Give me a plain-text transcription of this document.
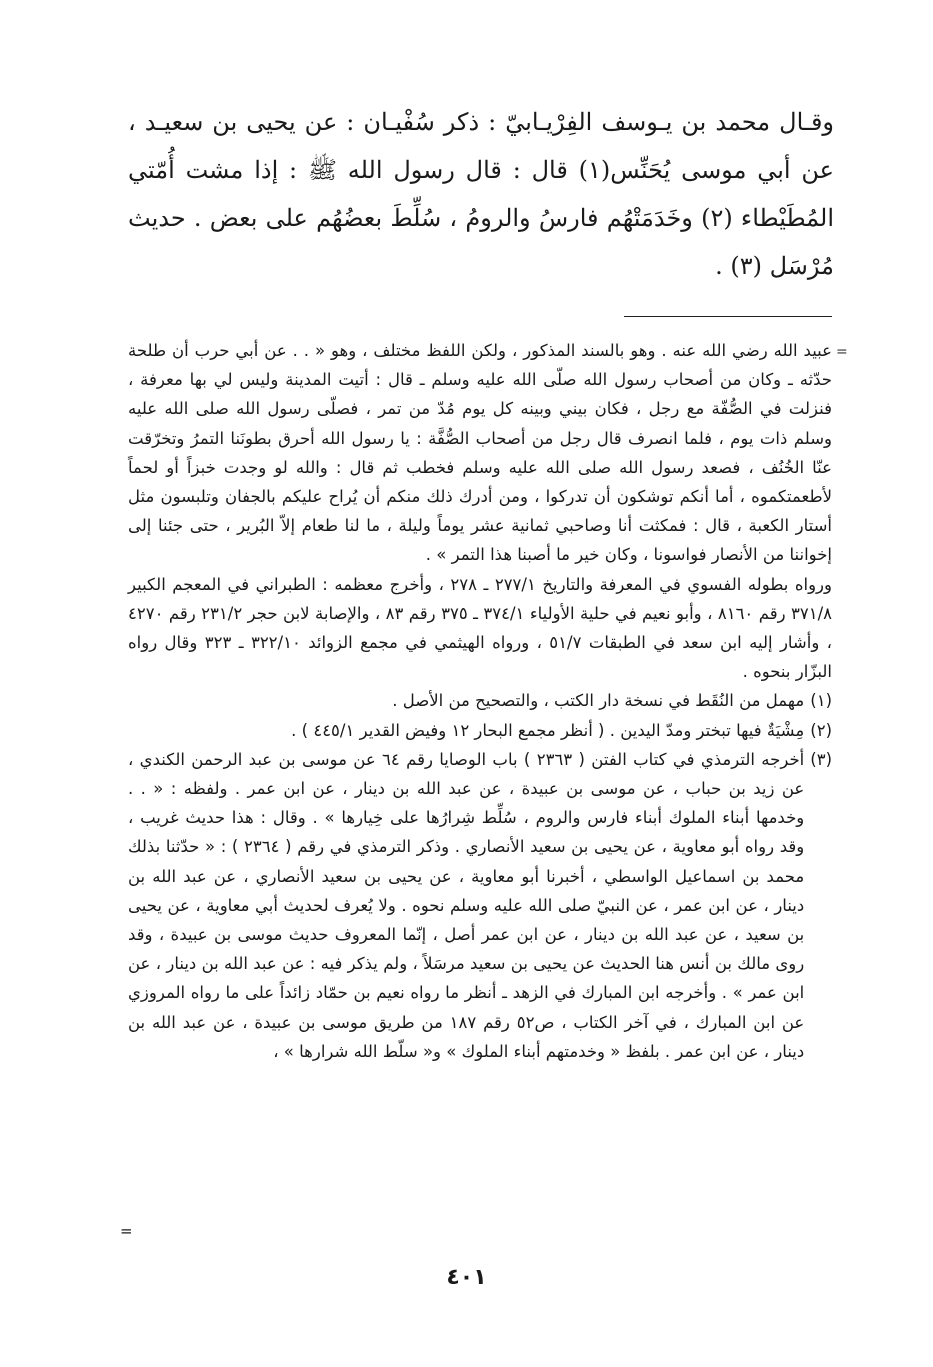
وقـال محمد بن يـوسف الفِرْيـابيّ : ذكر سُفْيـان : عن يحيى بن سعيـد ، عن أبي موسى يُحَنِّس(١) قال : قال رسول الله ﷺ : إذا مشت أُمّتي المُطَيْطاء (٢) وخَدَمَتْهُم فارسُ والرومُ ، سُلِّطَ بعضُهُم على بعض . حديث مُرْسَل (٣) .

=

عبيد الله رضي الله عنه . وهو بالسند المذكور ، ولكن اللفظ مختلف ، وهو « . . عن أبي حرب أن طلحة حدّثه ـ وكان من أصحاب رسول الله صلّى الله عليه وسلم ـ قال : أتيت المدينة وليس لي بها معرفة ، فنزلت في الصُّفّة مع رجل ، فكان بيني وبينه كل يوم مُدّ من تمر ، فصلّى رسول الله صلى الله عليه وسلم ذات يوم ، فلما انصرف قال رجل من أصحاب الصُّفَّة : يا رسول الله أحرق بطونَنا التمرُ وتخرّقت عنّا الخُنُف ، فصعد رسول الله صلى الله عليه وسلم فخطب ثم قال : والله لو وجدت خبزاً أو لحماً لأطعمتكموه ، أما أنكم توشكون أن تدركوا ، ومن أدرك ذلك منكم أن يُراح عليكم بالجفان وتلبسون مثل أستار الكعبة ، قال : فمكثت أنا وصاحبي ثمانية عشر يوماً وليلة ، ما لنا طعام إلاّ البُرير ، حتى جئنا إلى إخواننا من الأنصار فواسونا ، وكان خير ما أصبنا هذا التمر » .

ورواه بطوله الفسوي في المعرفة والتاريخ ٢٧٧/١ ـ ٢٧٨ ، وأخرج معظمه : الطبراني في المعجم الكبير ٣٧١/٨ رقم ٨١٦٠ ، وأبو نعيم في حلية الأولياء ٣٧٤/١ ـ ٣٧٥ رقم ٨٣ ، والإصابة لابن حجر ٢٣١/٢ رقم ٤٢٧٠ ، وأشار إليه ابن سعد في الطبقات ٥١/٧ ، ورواه الهيثمي في مجمع الزوائد ٣٢٢/١٠ ـ ٣٢٣ وقال رواه البزّار بنحوه .

(١)
مهمل من النُقَط في نسخة دار الكتب ، والتصحيح من الأصل .
(٢)
مِشْيَةٌ فيها تبختر ومدّ اليدين . ( أنظر مجمع البحار ١٢ وفيض القدير ٤٤٥/١ ) .
(٣)
أخرجه الترمذي في كتاب الفتن ( ٢٣٦٣ ) باب الوصايا رقم ٦٤ عن موسى بن عبد الرحمن الكندي ، عن زيد بن حباب ، عن موسى بن عبيدة ، عن عبد الله بن دينار ، عن ابن عمر . ولفظه : « . . وخدمها أبناء الملوك أبناء فارس والروم ، سُلِّط شِرارُها على خِيارها » . وقال : هذا حديث غريب ، وقد رواه أبو معاوية ، عن يحيى بن سعيد الأنصاري . وذكر الترمذي في رقم ( ٢٣٦٤ ) : « حدّثنا بذلك محمد بن اسماعيل الواسطي ، أخبرنا أبو معاوية ، عن يحيى بن سعيد الأنصاري ، عن عبد الله بن دينار ، عن ابن عمر ، عن النبيّ صلى الله عليه وسلم نحوه . ولا يُعرف لحديث أبي معاوية ، عن يحيى بن سعيد ، عن عبد الله بن دينار ، عن ابن عمر أصل ، إنّما المعروف حديث موسى بن عبيدة ، وقد روى مالك بن أنس هنا الحديث عن يحيى بن سعيد مرسَلاً ، ولم يذكر فيه : عن عبد الله بن دينار ، عن ابن عمر » . وأخرجه ابن المبارك في الزهد ـ أنظر ما رواه نعيم بن حمّاد زائداً على ما رواه المروزي عن ابن المبارك ، في آخر الكتاب ، ص٥٢ رقم ١٨٧ من طريق موسى بن عبيدة ، عن عبد الله بن دينار ، عن ابن عمر . بلفظ « وخدمتهم أبناء الملوك » و« سلّط الله شرارها » ،
=
٤٠١
